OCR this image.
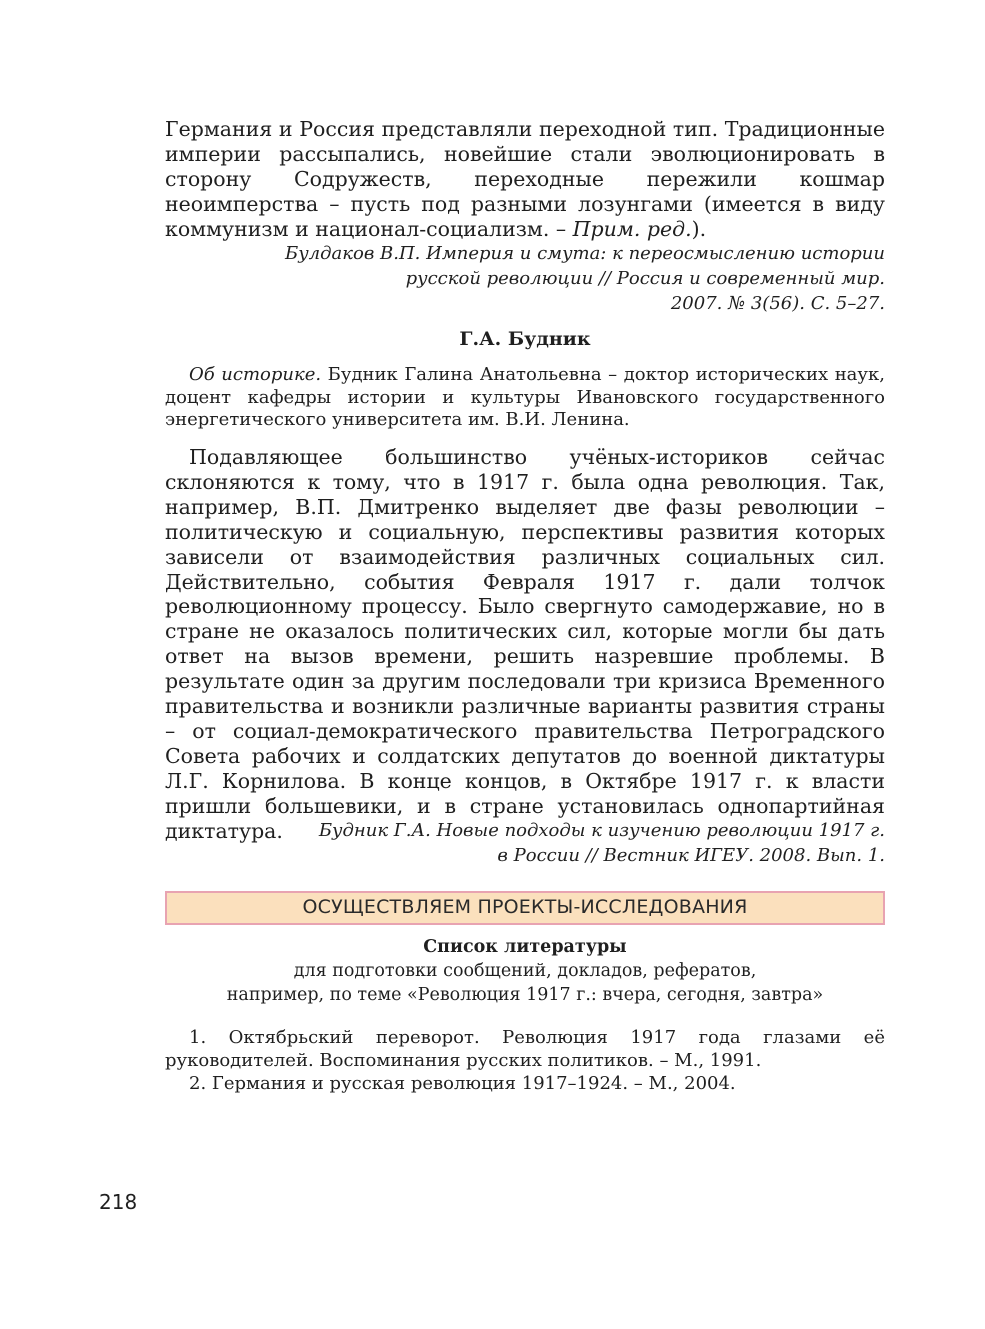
Германия и Россия представляли переходной тип. Традиционные империи рассыпались, новейшие стали эволюционировать в сторону Содружеств, переходные пережили кошмар неоимперства – пусть под разными лозунгами (имеется в виду коммунизм и национал-социализм. – Прим. ред.).

Булдаков В.П. Империя и смута: к переосмыслению истории
русской революции // Россия и современный мир.
2007. № 3(56). С. 5–27.
Г.А. Будник

Об историке. Будник Галина Анатольевна – доктор исторических наук, доцент кафедры истории и культуры Ивановского государственного энергетического университета им. В.И. Ленина.

Подавляющее большинство учёных-историков сейчас склоняются к тому, что в 1917 г. была одна революция. Так, например, В.П. Дмитренко выделяет две фазы революции – политическую и социальную, перспективы развития которых зависели от взаимодействия различных социальных сил. Действительно, события Февраля 1917 г. дали толчок революционному процессу. Было свергнуто самодержавие, но в стране не оказалось политических сил, которые могли бы дать ответ на вызов времени, решить назревшие проблемы. В результате один за другим последовали три кризиса Временного правительства и возникли различные варианты развития страны – от социал-демократического правительства Петроградского Совета рабочих и солдатских депутатов до военной диктатуры Л.Г. Корнилова. В конце концов, в Октябре 1917 г. к власти пришли большевики, и в стране установилась однопартийная диктатура.	Будник Г.А. Новые подходы к изучению революции 1917 г.
в России // Вестник ИГЕУ. 2008. Вып. 1.
ОСУЩЕСТВЛЯЕМ ПРОЕКТЫ-ИССЛЕДОВАНИЯ
Список литературы
для подготовки сообщений, докладов, рефератов,
например, по теме «Революция 1917 г.: вчера, сегодня, завтра»
1. Октябрьский переворот. Революция 1917 года глазами её руководителей. Воспоминания русских политиков. – М., 1991.
2. Германия и русская революция 1917–1924. – М., 2004.
218
